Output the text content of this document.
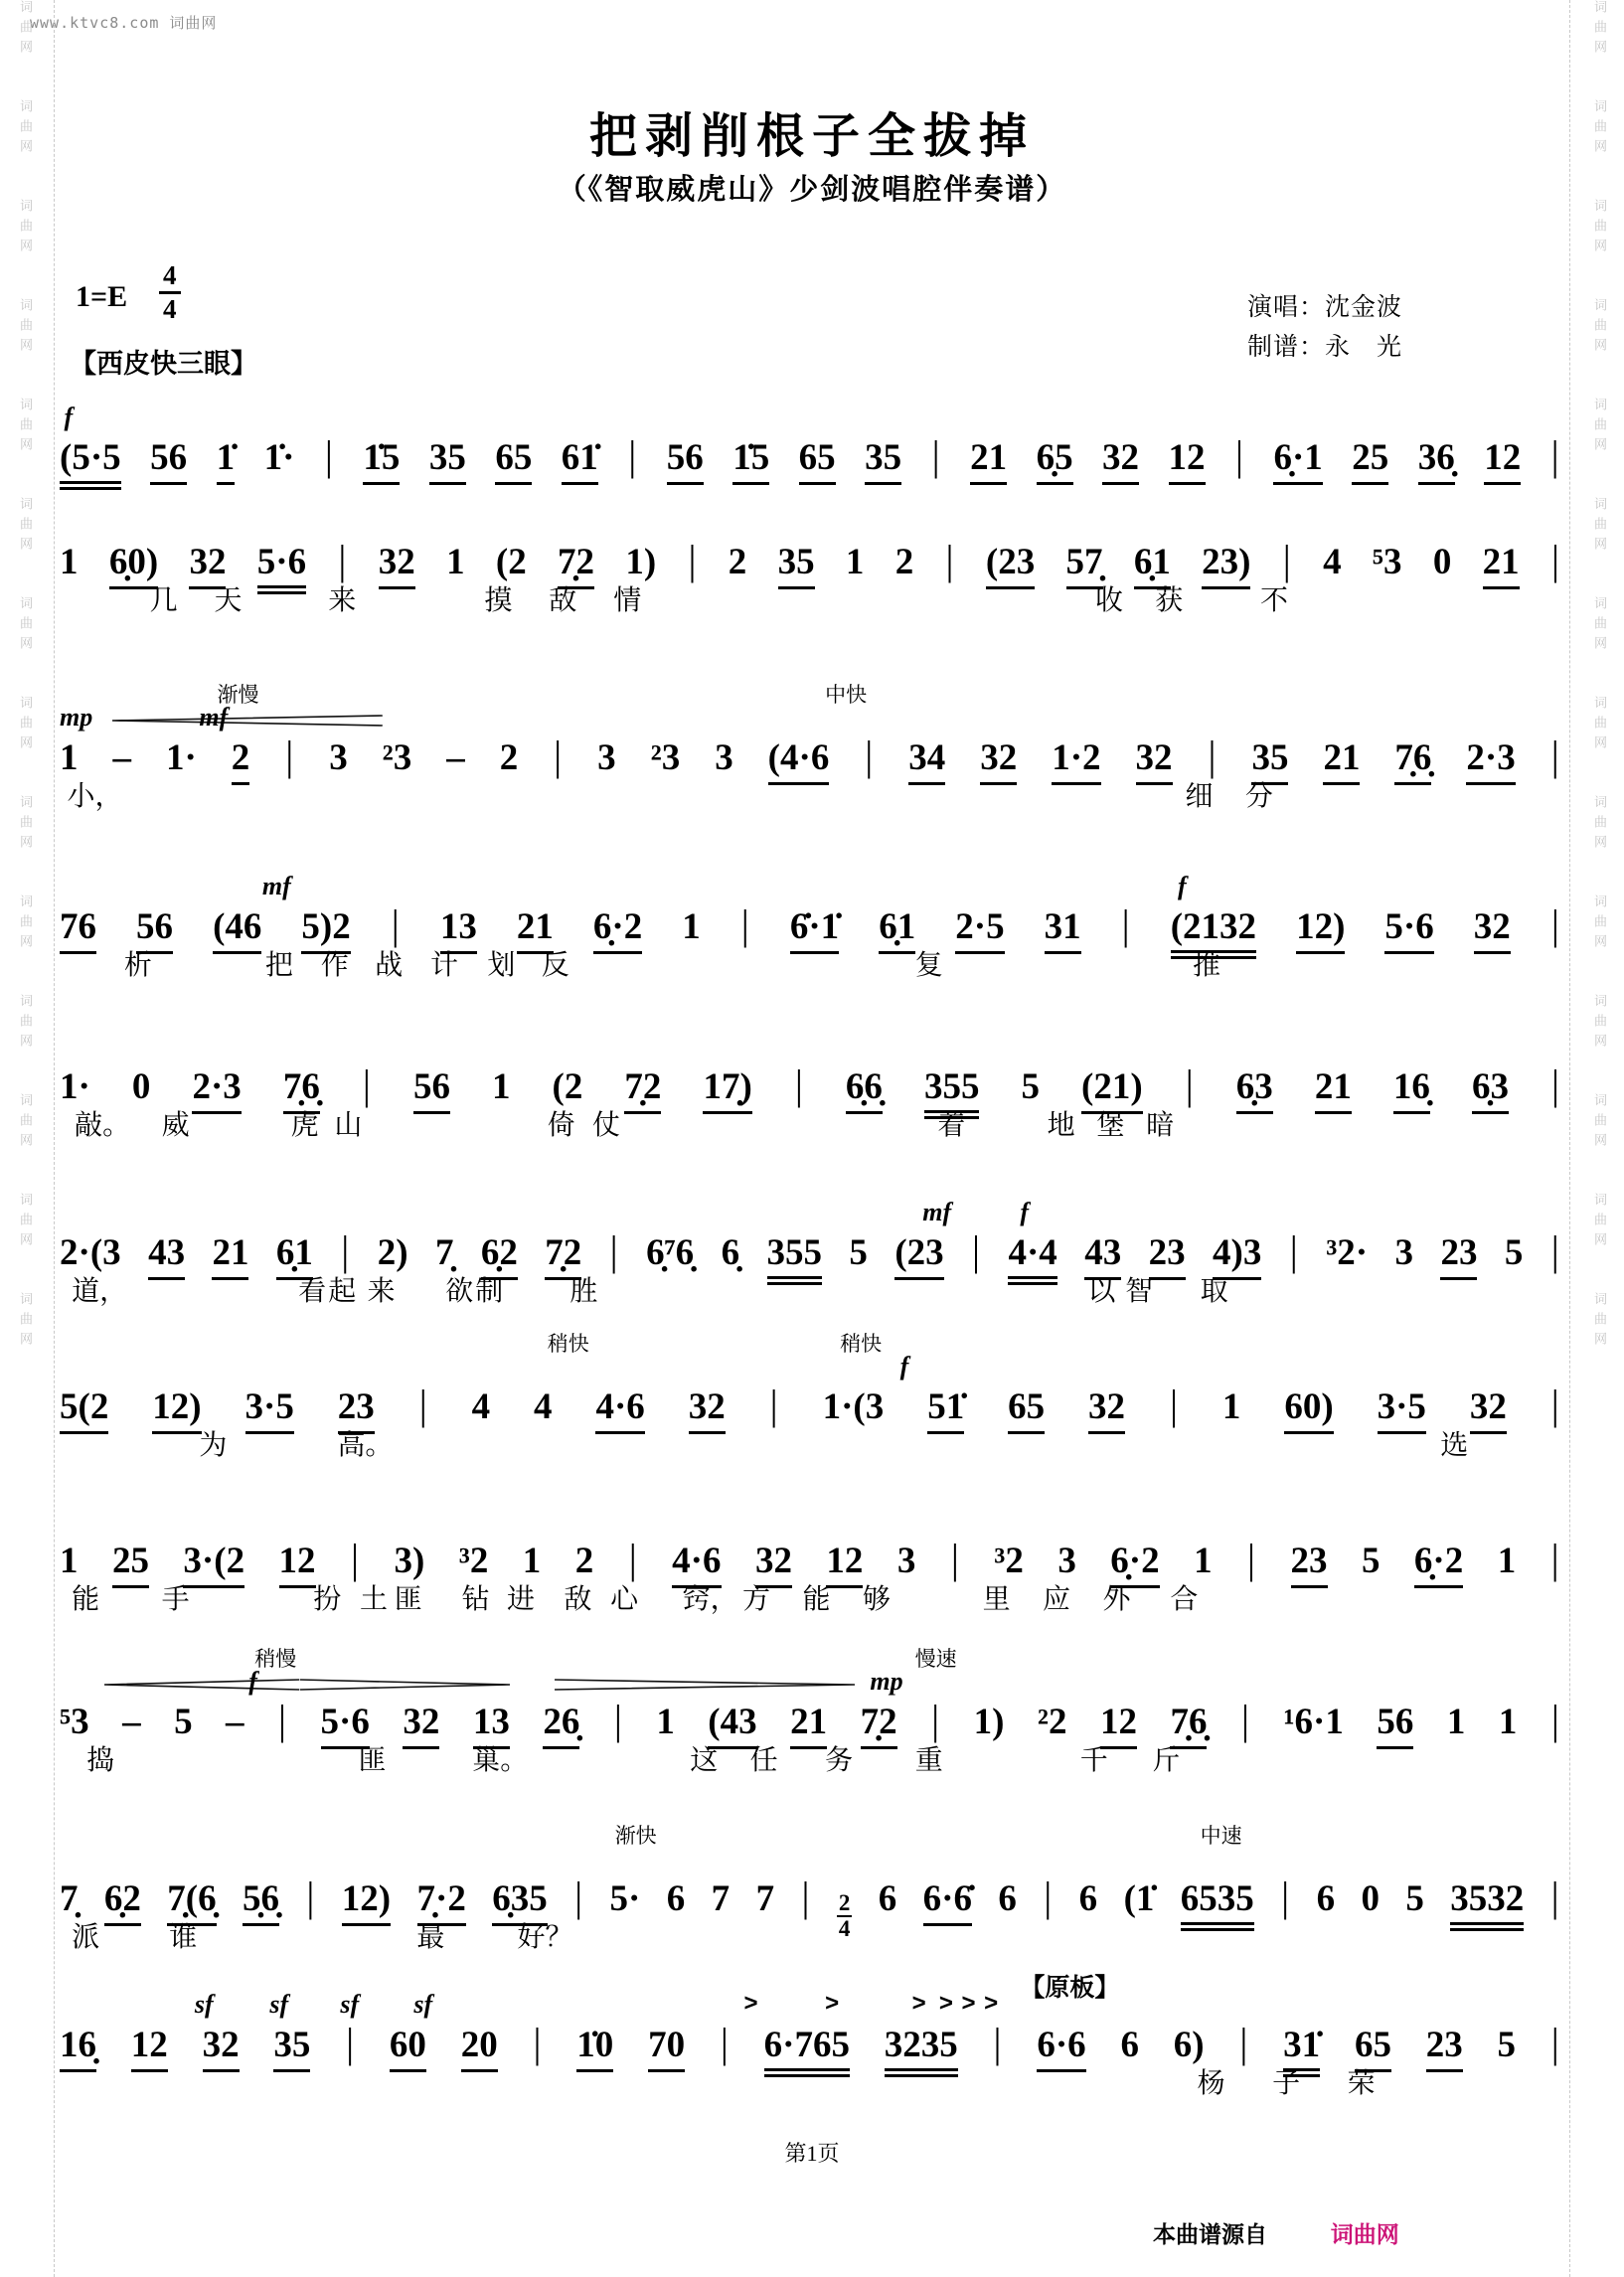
www.ktvc8.com 词曲网
词曲网　　词曲网　　词曲网　　词曲网　　词曲网　　词曲网　　词曲网　　词曲网　　词曲网　　词曲网　　词曲网　　词曲网　　词曲网　　词曲网　　	词曲网　　词曲网　　词曲网　　词曲网　　词曲网　　词曲网　　词曲网　　词曲网　　词曲网　　词曲网　　词曲网　　词曲网　　词曲网　　词曲网　　
把剥削根子全拔掉
（《智取威虎山》少剑波唱腔伴奏谱）
$1=E \frac{4}{4}$	演唱：沈金波
制谱：永　光
【西皮快三眼】
f
(5·5 56 1̇ 1̇· | 1̇5 35 65 61̇ | 56 1̇5 65 35 | 21 6̣5 32 12 | 6̣·1 25 36̣ 12 |
1 6̣0) 32 5·6 | 32 1 (2 7̣2 1) | 2 35 1 2 | (23 57̣ 6̣1 23) | 4 ⁵3 0 21 |
几 天	来	摸 敌 情	收 获	不
mp	mf
渐慢	中快
1 – 1· 2 | 3 ²3 – 2 | 3 ²3 3 (4·6 | 34 32 1·2 32 | 35 21 7̣6̣ 2·3 |
小，	细 分
mf	f
76 56 (46 5)2 | 13 21 6̣·2 1 | 6̇·1̇ 6̣1 2·5 31 | (2132 12) 5·6 32 |
析	把 作 战 计 划 反	复	推
1· 0 2·3 7̣6̣ | 56 1 (2 7̣2 17̣) | 6̣6̣ 355 5 (21) | 6̣3 21 16̣ 6̣3 |
敲。 威	虎 山	倚 仗	着	地 堡 暗
mf	f
2·(3 43 21 6̣1 | 2) 7̣ 6̣2 7̣2 | 6̣⁷6̣ 6̣ 355 5 (23 | 4·4 43 23 4)3 | ³2· 3 23 5 |
道，	看 起 来 欲 制 胜	以 智 取
稍快	稍快
f
5(2 12) 3·5 23 | 4 4 4·6 32 | 1·(3 51̇ 65 32 | 1 60) 3·5 32 |
为	高。	选
1 25 3·(2 12 | 3) ³2 1 2 | 4·6 32 12 3 | ³2 3 6̣·2 1 | 23 5 6̣·2 1 |
能 手	扮 土 匪 钻 进 敌 心 窍， 方 能 够	里 应 外 合
f
稍慢
mp
慢速
⁵3 – 5 – | 5·6 32 13 26̣ | 1 (43 21 7̣2 | 1) ²2 12 7̣6̣ | ¹6·1 56 1 1 |
捣	匪	巢。	这 任 务 重	千 斤
渐快	中速
7̣ 6̣2 7̣(6̣ 5̣6̣ | 12) 7̣·2 6̣35 | 5· 6 7 7 | $\frac{2}{4} 6$ 6·6̇ 6 | 6 (1̇ 6535 | 6 0 5 3532 |
派	谁	最	好？
sf sf sf sf	>	>	> > > >
【原板】
16̣ 12 32 35 | 60 20 | 1̇0 70 | 6·765 3235 | 6·6 6 6) | 31̇ 65 23 5 |
杨 子 荣
第1页
本曲谱源自	词曲网
